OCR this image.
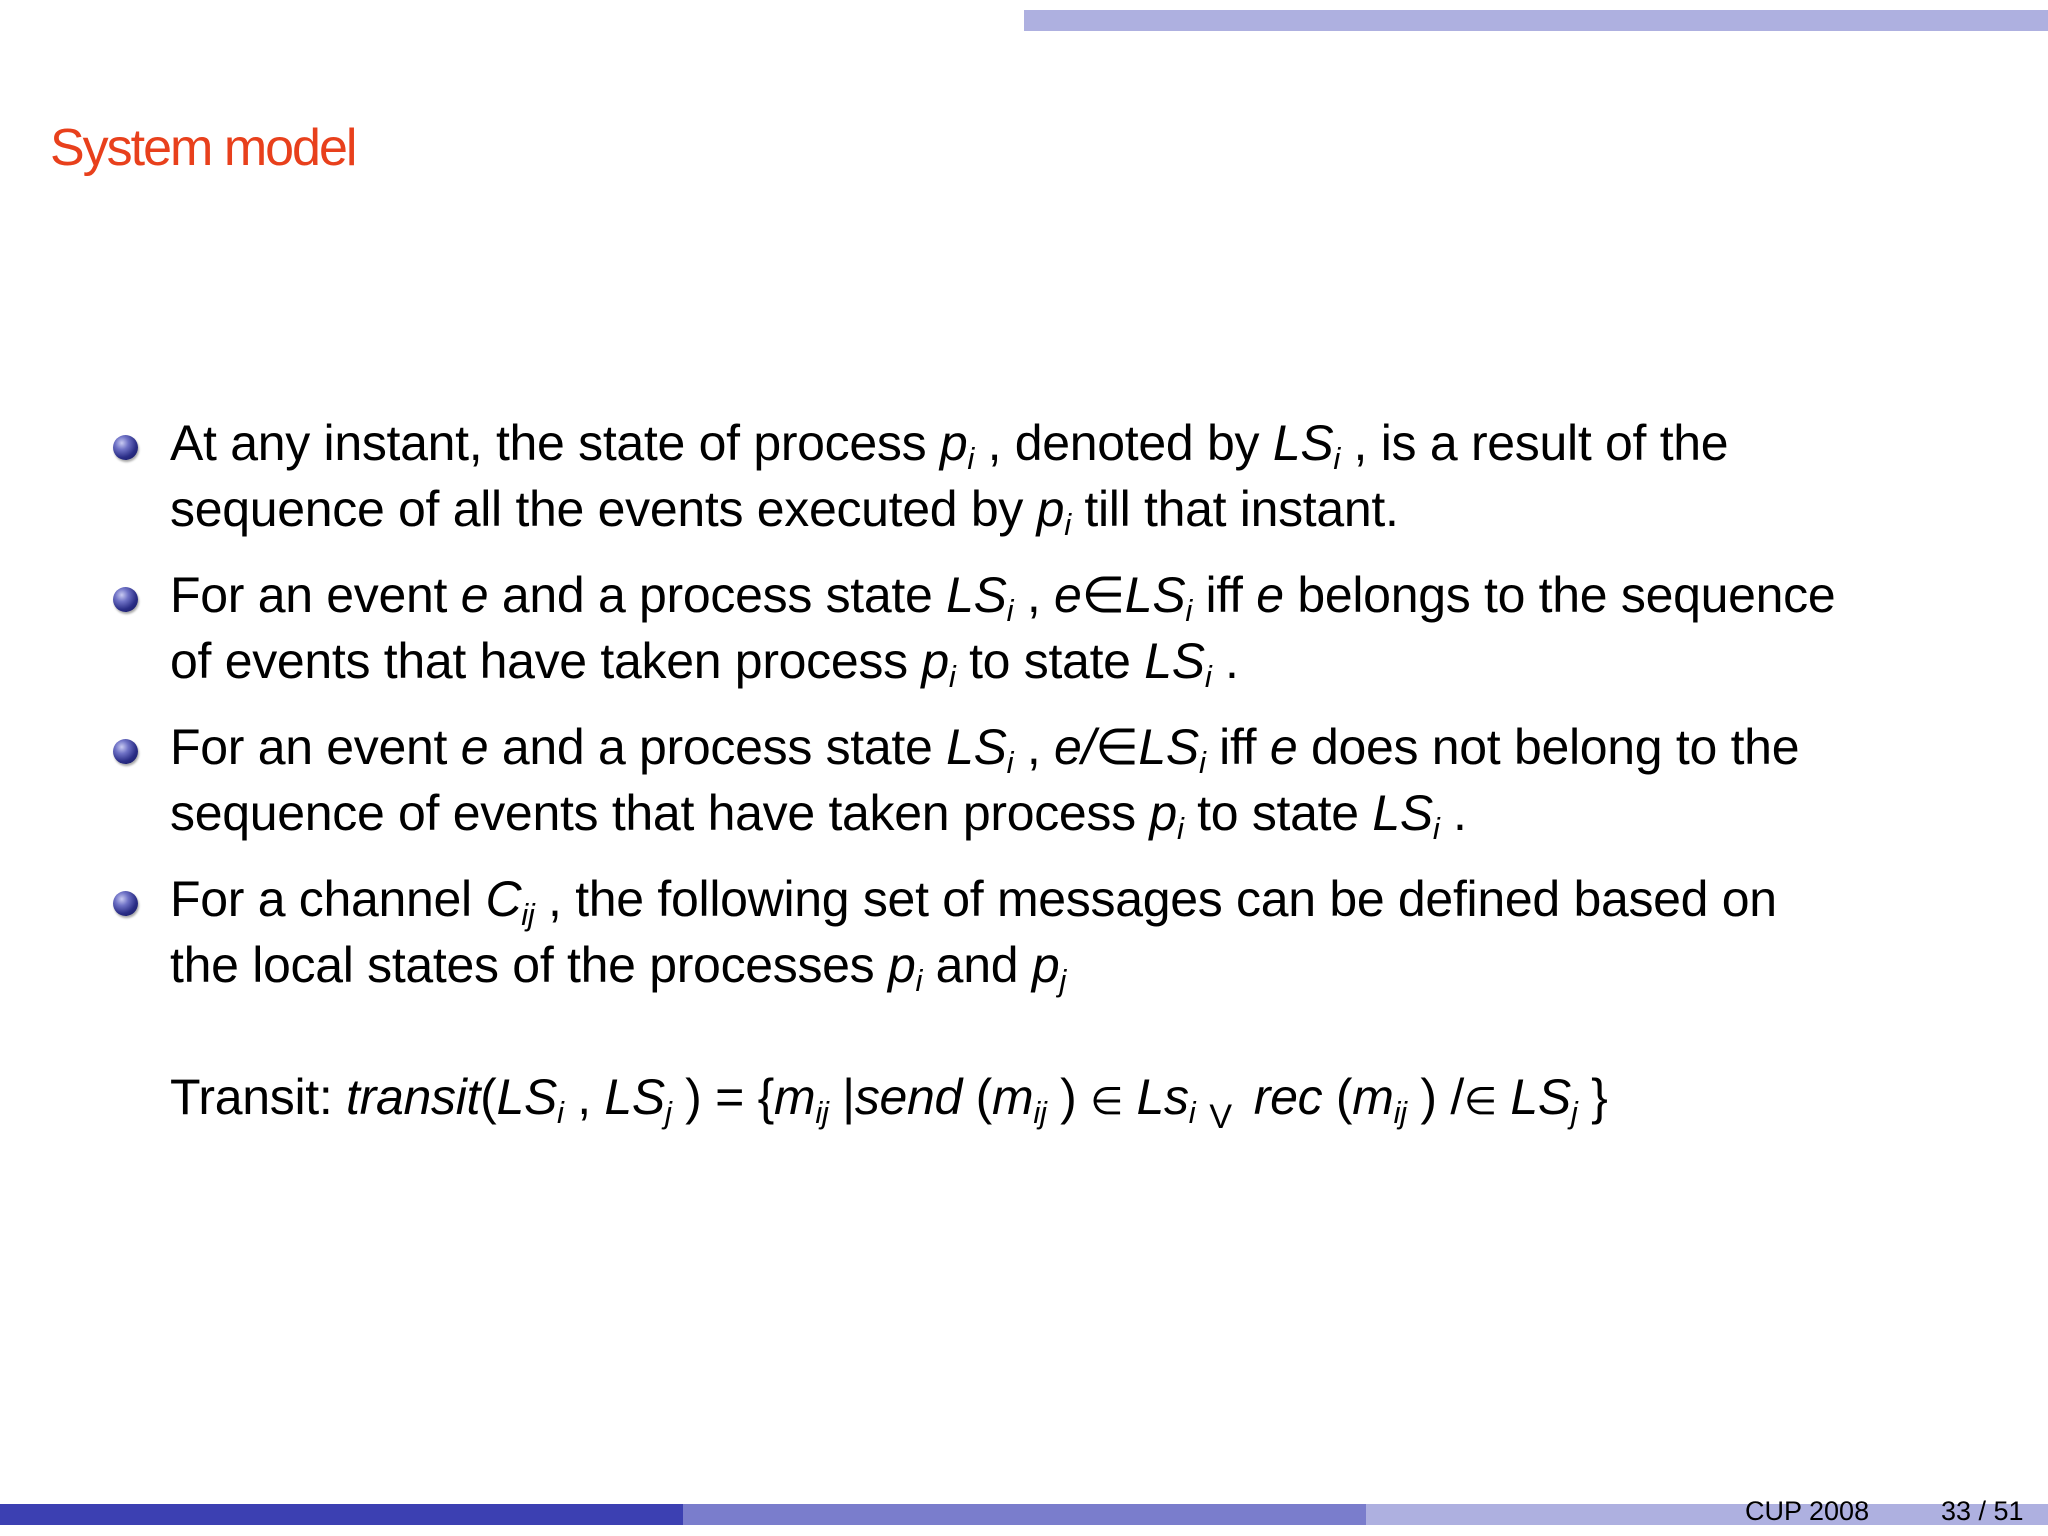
System model
At any instant, the state of process $p_i$ , denoted by $LS_i$ , is a result of the
sequence of all the events executed by $p_i$ till that instant.
For an event e and a process state $LS_i$ , $e\in LS_i$ iff e belongs to the sequence
of events that have taken process $p_i$ to state $LS_i$ .
For an event e and a process state $LS_i$ , $e/\in LS_i$ iff e does not belong to the
sequence of events that have taken process $p_i$ to state $LS_i$ .
For a channel $C_{ij}$ , the following set of messages can be defined based on
the local states of the processes $p_i$ and $p_j$
Transit: $transit(LS_i$ , $LS_j$ ) = {$m_{ij}$ |send ($m_{ij}$ ) ∈ $Ls_i$ $_V$ rec ($m_{ij}$ ) /∈ $LS_j$ }
CUP 2008	33 / 51
